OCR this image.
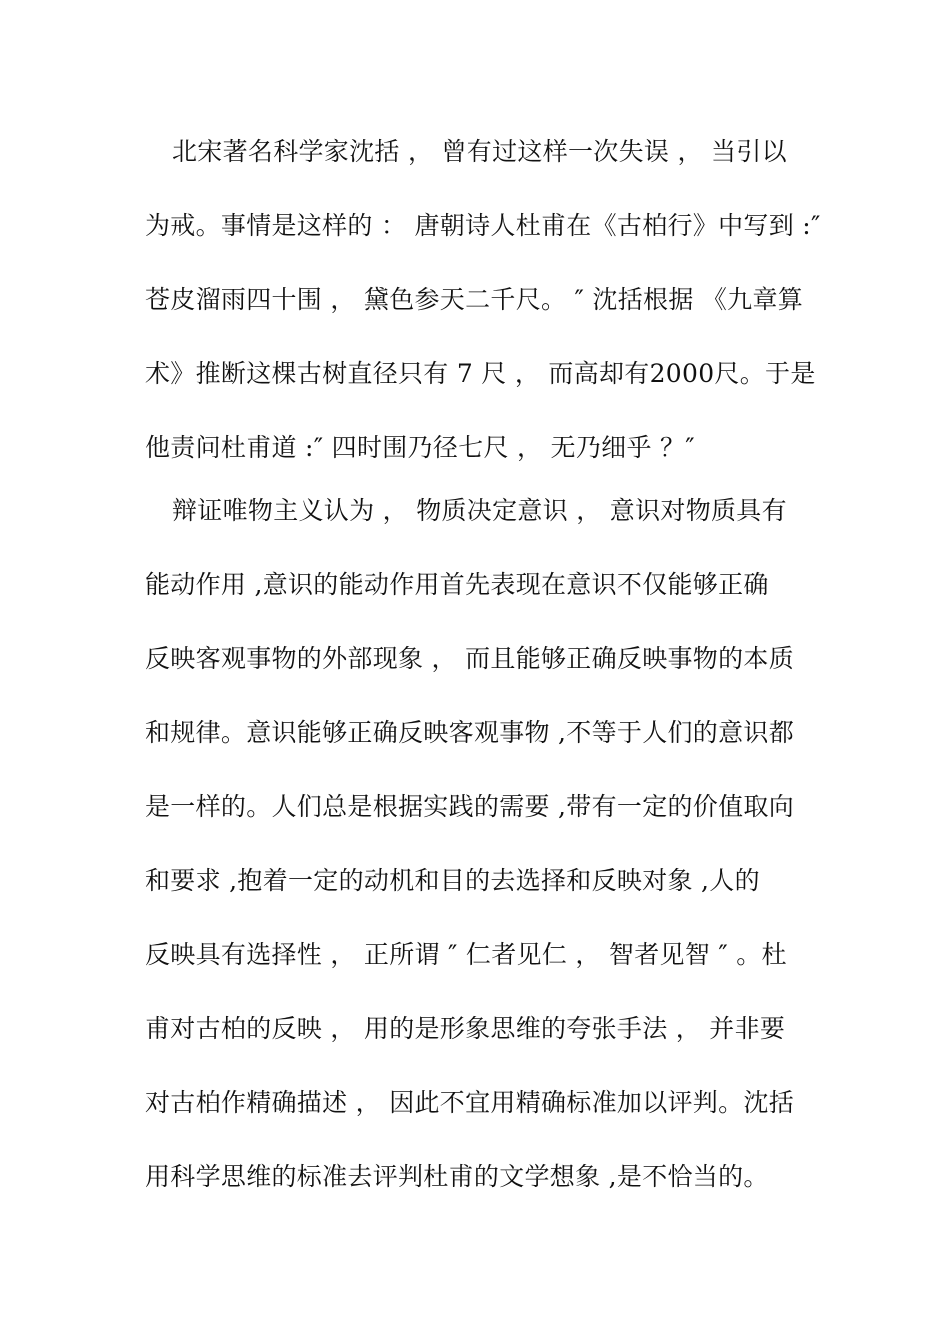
北宋著名科学家沈括 ， 曾有过这样一次失误 ， 当引以
为戒。事情是这样的 ： 唐朝诗人杜甫在《古柏行》中写到 :″
苍皮溜雨四十围 ， 黛色参天二千尺。 ″ 沈括根据 《九章算
术》推断这棵古树直径只有 7 尺 ， 而高却有2000尺。于是
他责问杜甫道 :″ 四时围乃径七尺 ， 无乃细乎 ？″
辩证唯物主义认为 ， 物质决定意识 ， 意识对物质具有
能动作用 ,意识的能动作用首先表现在意识不仅能够正确
反映客观事物的外部现象 ， 而且能够正确反映事物的本质
和规律。意识能够正确反映客观事物 ,不等于人们的意识都
是一样的。人们总是根据实践的需要 ,带有一定的价值取向
和要求 ,抱着一定的动机和目的去选择和反映对象 ,人的
反映具有选择性 ， 正所谓 ″ 仁者见仁 ， 智者见智 ″ 。杜
甫对古柏的反映 ， 用的是形象思维的夸张手法 ， 并非要
对古柏作精确描述 ， 因此不宜用精确标准加以评判。沈括
用科学思维的标准去评判杜甫的文学想象 ,是不恰当的。
